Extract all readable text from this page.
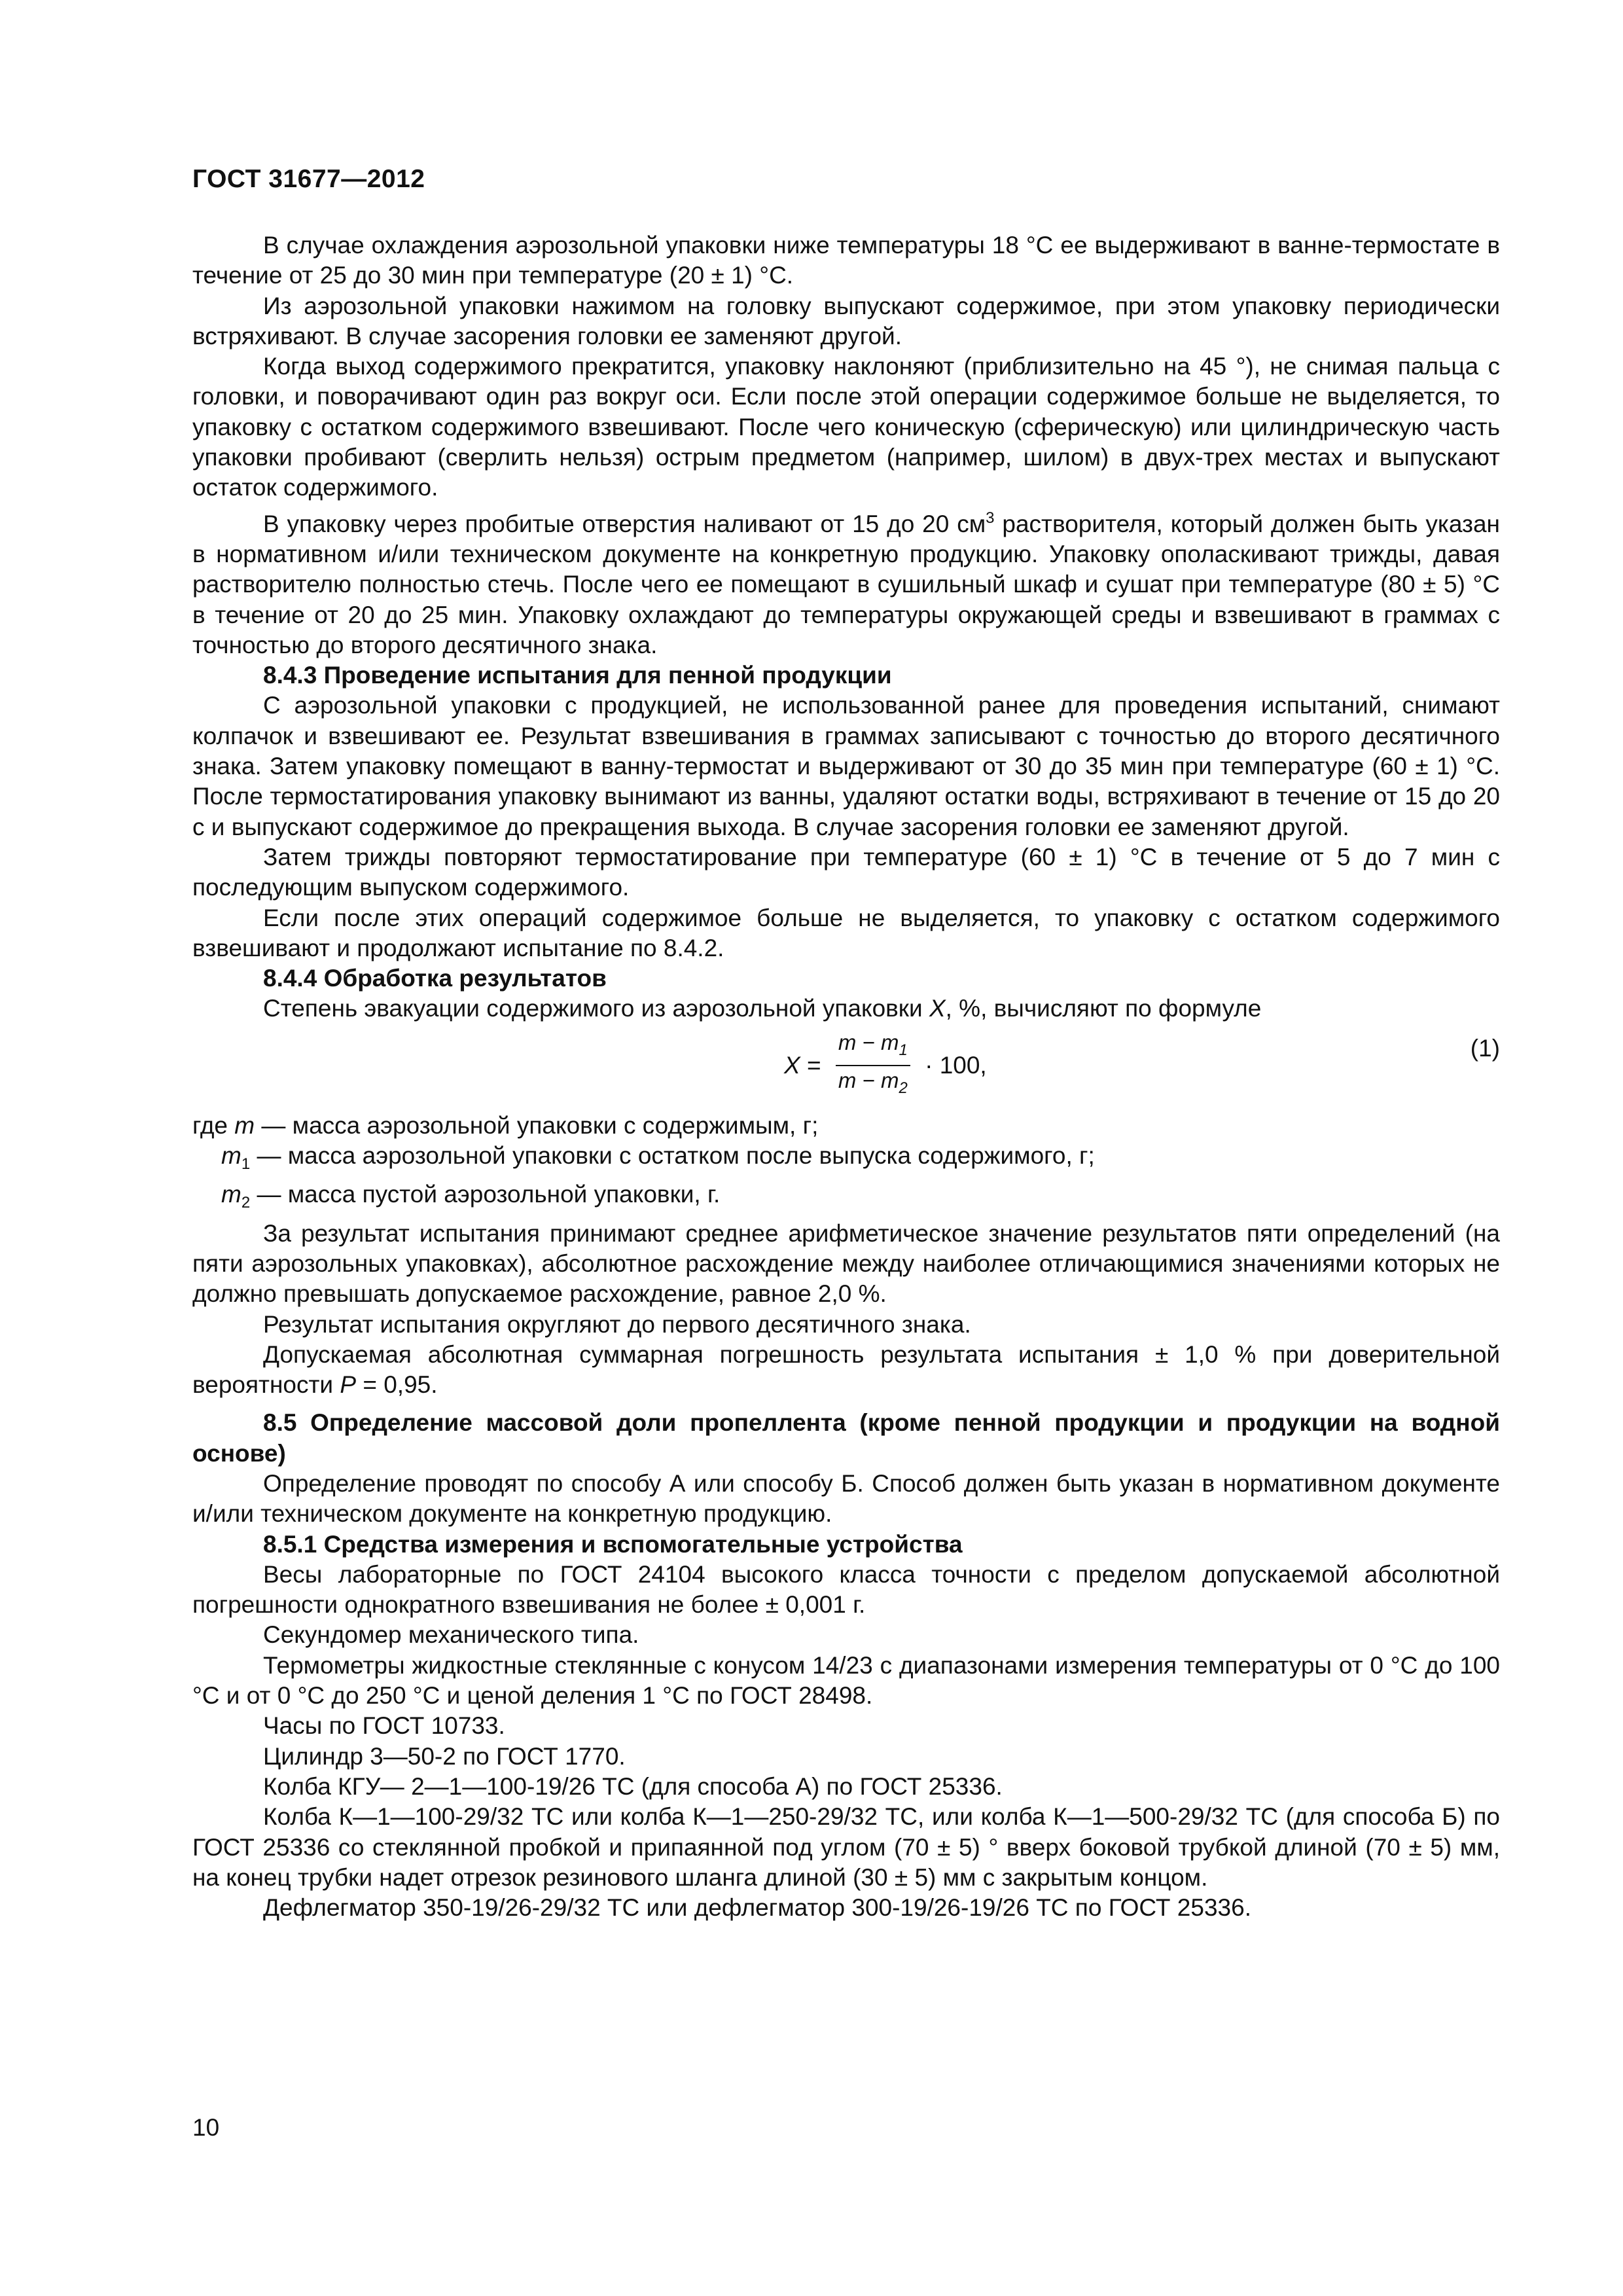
ГОСТ 31677—2012

В случае охлаждения аэрозольной упаковки ниже температуры 18 °С ее выдерживают в ванне-термостате в течение от 25 до 30 мин при температуре (20 ± 1) °С.

Из аэрозольной упаковки нажимом на головку выпускают содержимое, при этом упаковку периодически встряхивают. В случае засорения головки ее заменяют другой.

Когда выход содержимого прекратится, упаковку наклоняют (приблизительно на 45 °), не снимая пальца с головки, и поворачивают один раз вокруг оси. Если после этой операции содержимое больше не выделяется, то упаковку с остатком содержимого взвешивают. После чего коническую (сферическую) или цилиндрическую часть упаковки пробивают (сверлить нельзя) острым предметом (например, шилом) в двух-трех местах и выпускают остаток содержимого.

В упаковку через пробитые отверстия наливают от 15 до 20 $см^3$ растворителя, который должен быть указан в нормативном и/или техническом документе на конкретную продукцию. Упаковку ополаскивают трижды, давая растворителю полностью стечь. После чего ее помещают в сушильный шкаф и сушат при температуре (80 ± 5) °С в течение от 20 до 25 мин. Упаковку охлаждают до температуры окружающей среды и взвешивают в граммах с точностью до второго десятичного знака.

8.4.3 Проведение испытания для пенной продукции

С аэрозольной упаковки с продукцией, не использованной ранее для проведения испытаний, снимают колпачок и взвешивают ее. Результат взвешивания в граммах записывают с точностью до второго десятичного знака. Затем упаковку помещают в ванну-термостат и выдерживают от 30 до 35 мин при температуре (60 ± 1) °С. После термостатирования упаковку вынимают из ванны, удаляют остатки воды, встряхивают в течение от 15 до 20 с и выпускают содержимое до прекращения выхода. В случае засорения головки ее заменяют другой.

Затем трижды повторяют термостатирование при температуре (60 ± 1) °С в течение от 5 до 7 мин с последующим выпуском содержимого.

Если после этих операций содержимое больше не выделяется, то упаковку с остатком содержимого взвешивают и продолжают испытание по 8.4.2.

8.4.4 Обработка результатов

Степень эвакуации содержимого из аэрозольной упаковки X, %, вычисляют по формуле

$X = \frac{m - m_1}{m - m_2} \cdot 100$,
(1)

где m — масса аэрозольной упаковки с содержимым, г;

$m_1$ — масса аэрозольной упаковки с остатком после выпуска содержимого, г;

$m_2$ — масса пустой аэрозольной упаковки, г.

За результат испытания принимают среднее арифметическое значение результатов пяти определений (на пяти аэрозольных упаковках), абсолютное расхождение между наиболее отличающимися значениями которых не должно превышать допускаемое расхождение, равное 2,0 %.

Результат испытания округляют до первого десятичного знака.

Допускаемая абсолютная суммарная погрешность результата испытания ± 1,0 % при доверительной вероятности Р = 0,95.

8.5 Определение массовой доли пропеллента (кроме пенной продукции и продукции на водной основе)

Определение проводят по способу А или способу Б. Способ должен быть указан в нормативном документе и/или техническом документе на конкретную продукцию.

8.5.1 Средства измерения и вспомогательные устройства

Весы лабораторные по ГОСТ 24104 высокого класса точности с пределом допускаемой абсолютной погрешности однократного взвешивания не более ± 0,001 г.

Секундомер механического типа.

Термометры жидкостные стеклянные с конусом 14/23 с диапазонами измерения температуры от 0 °С до 100 °С и от 0 °С до 250 °С и ценой деления 1 °С по ГОСТ 28498.

Часы по ГОСТ 10733.

Цилиндр 3—50-2 по ГОСТ 1770.

Колба КГУ— 2—1—100-19/26 ТС (для способа А) по ГОСТ 25336.

Колба К—1—100-29/32 ТС или колба К—1—250-29/32 ТС, или колба К—1—500-29/32 ТС (для способа Б) по ГОСТ 25336 со стеклянной пробкой и припаянной под углом (70 ± 5) ° вверх боковой трубкой длиной (70 ± 5) мм, на конец трубки надет отрезок резинового шланга длиной (30 ± 5) мм с закрытым концом.

Дефлегматор 350-19/26-29/32 ТС или дефлегматор 300-19/26-19/26 ТС по ГОСТ 25336.

10
